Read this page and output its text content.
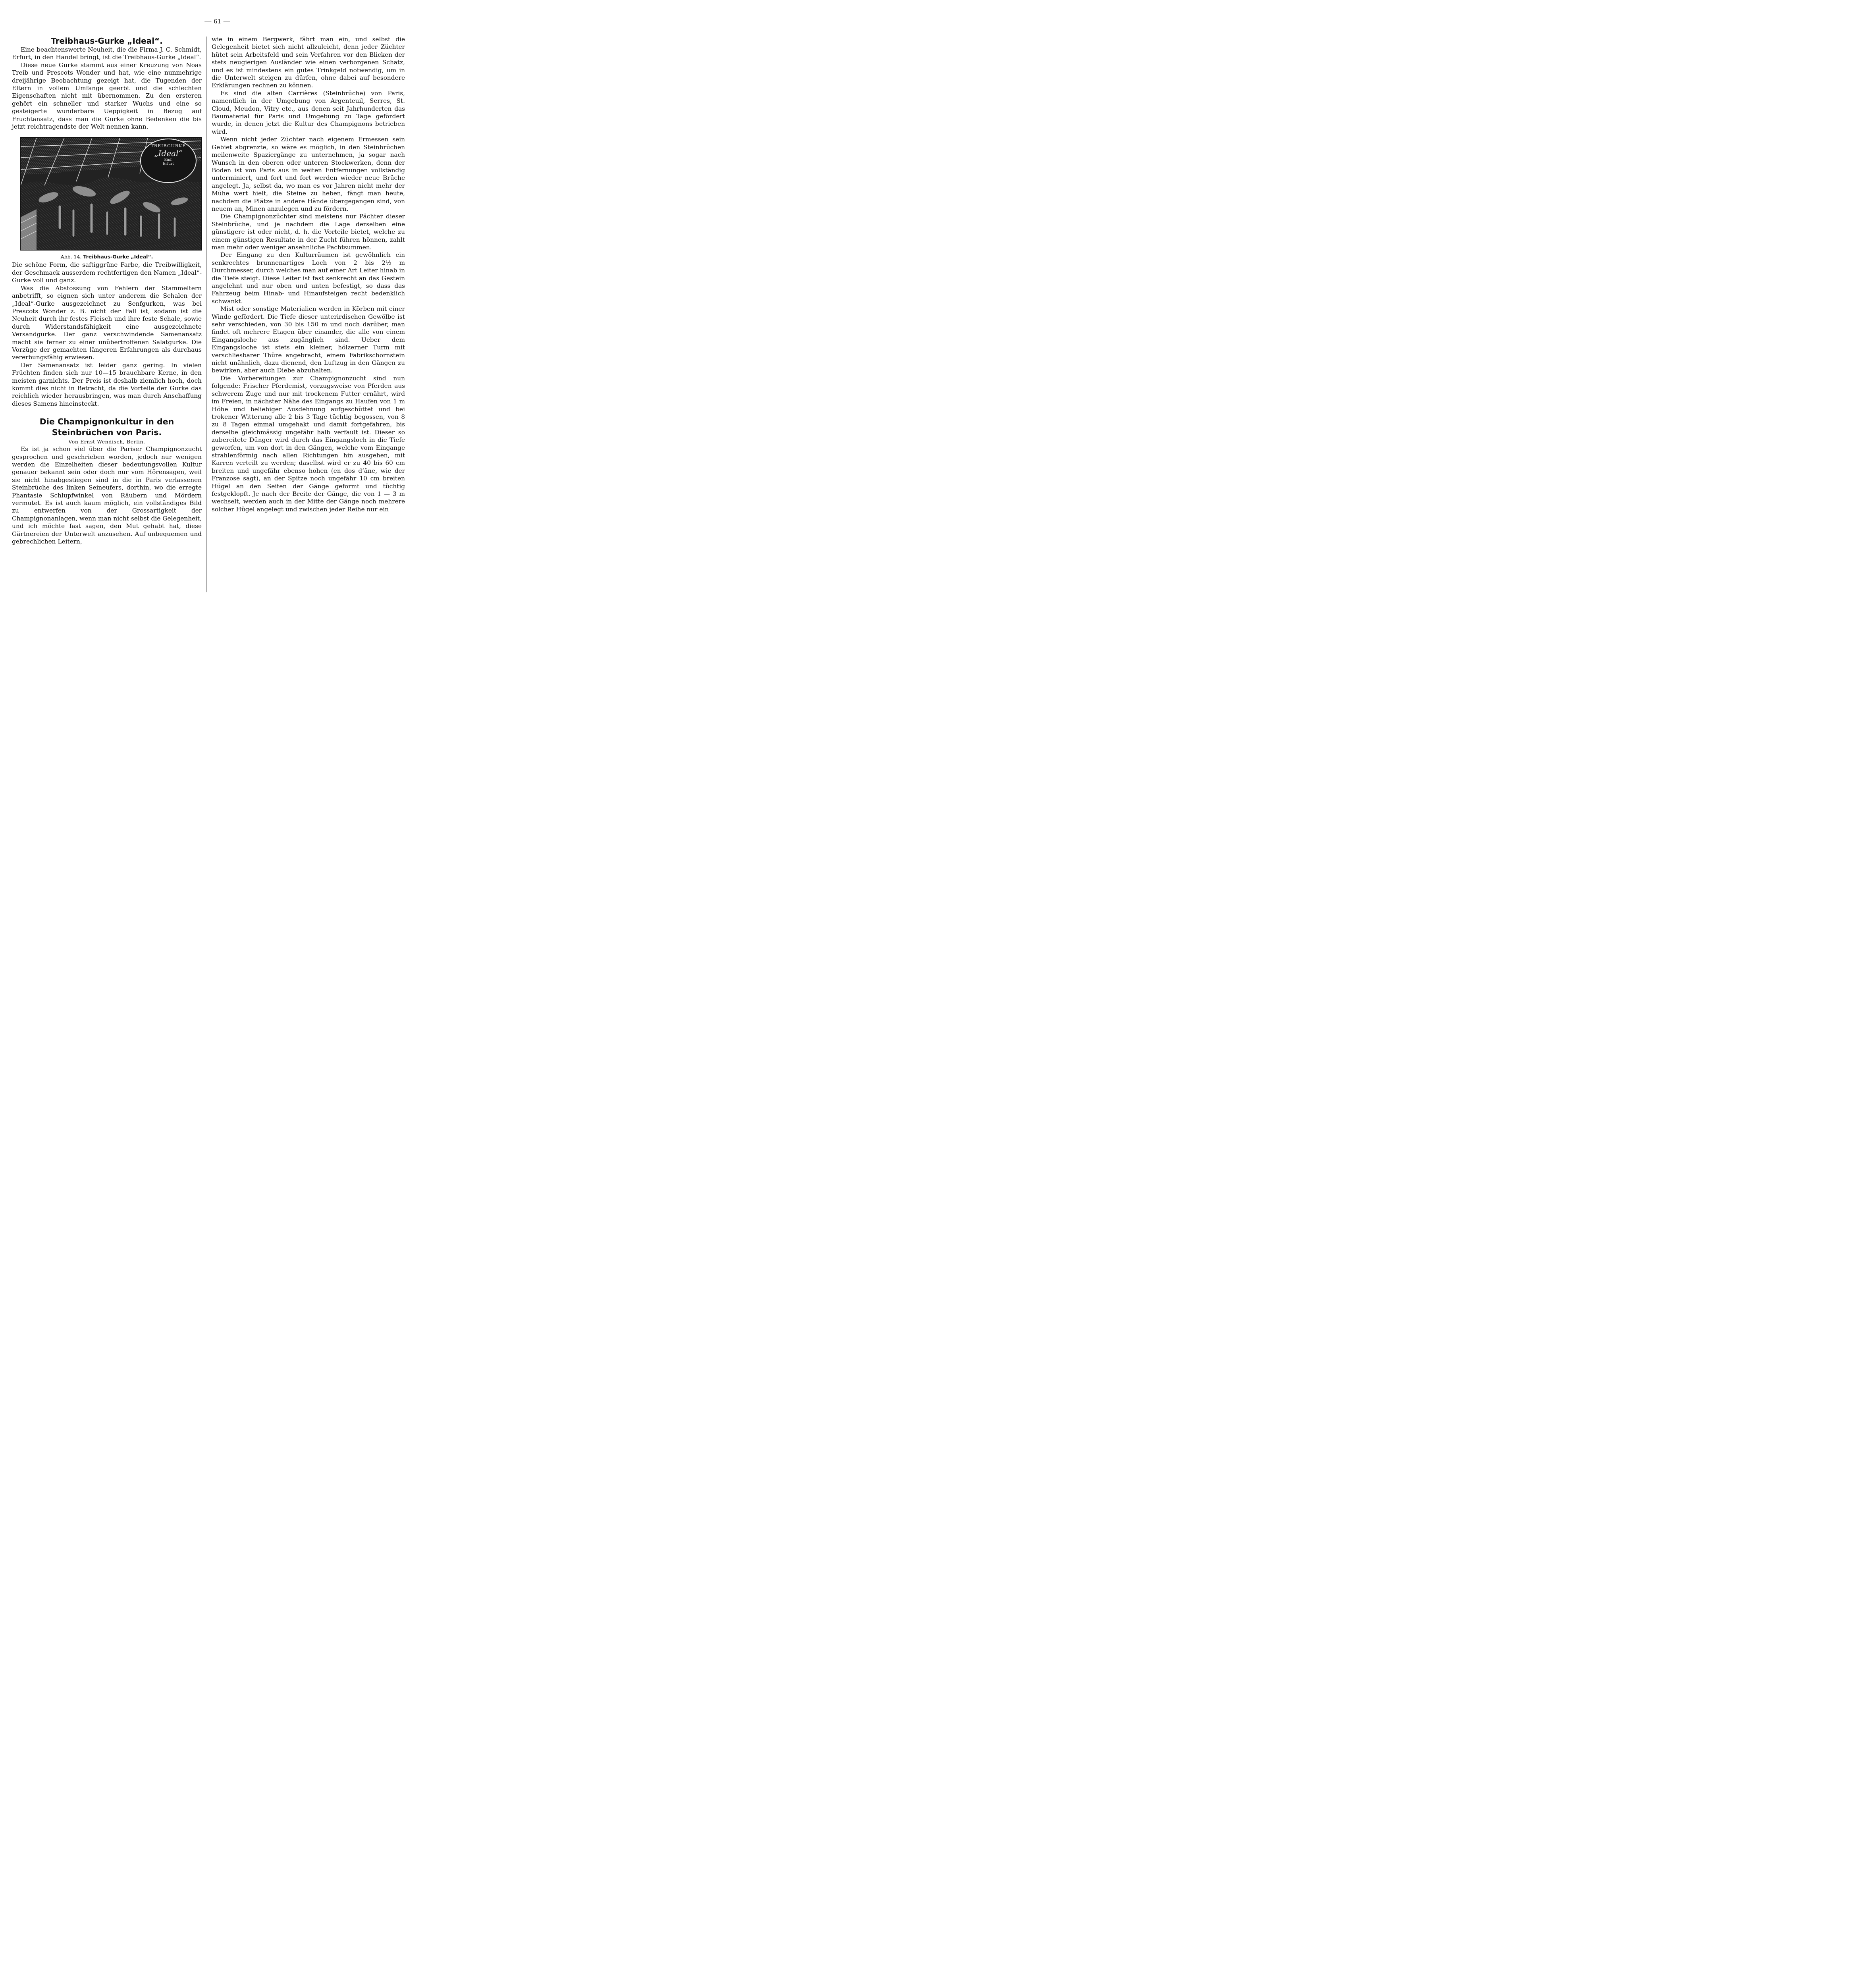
— 61 —
Treibhaus-Gurke „Ideal“.

Eine beachtenswerte Neuheit, die die Firma J. C. Schmidt, Erfurt, in den Handel bringt, ist die Treibhaus-Gurke „Ideal“.

Diese neue Gurke stammt aus einer Kreuzung von Noas Treib und Prescots Wonder und hat, wie eine nunmehrige dreijährige Beobachtung gezeigt hat, die Tugenden der Eltern in vollem Umfange geerbt und die schlechten Eigenschaften nicht mit übernommen. Zu den ersteren gehört ein schneller und starker Wuchs und eine so gesteigerte wunderbare Ueppigkeit in Bezug auf Fruchtansatz, dass man die Gurke ohne Bedenken die bis jetzt reichtragendste der Welt nennen kann.

TREIBGURKE
„Ideal“
Einf.
Erfurt
Abb. 14. Treibhaus-Gurke „Ideal“.

Die schöne Form, die saftiggrüne Farbe, die Treibwilligkeit, der Geschmack ausserdem rechtfertigen den Namen „Ideal“-Gurke voll und ganz.

Was die Abstossung von Fehlern der Stammeltern anbetrifft, so eignen sich unter anderem die Schalen der „Ideal“-Gurke ausgezeichnet zu Senfgurken, was bei Prescots Wonder z. B. nicht der Fall ist, sodann ist die Neuheit durch ihr festes Fleisch und ihre feste Schale, sowie durch Widerstandsfähigkeit eine ausgezeichnete Versandgurke. Der ganz verschwindende Samenansatz macht sie ferner zu einer unübertroffenen Salatgurke. Die Vorzüge der gemachten längeren Erfahrungen als durchaus vererbungsfähig erwiesen.

Der Samenansatz ist leider ganz gering. In vielen Früchten finden sich nur 10—15 brauchbare Kerne, in den meisten garnichts. Der Preis ist deshalb ziemlich hoch, doch kommt dies nicht in Betracht, da die Vorteile der Gurke das reichlich wieder herausbringen, was man durch Anschaffung dieses Samens hineinsteckt.

Die Champignonkultur in den Steinbrüchen von Paris.
Von Ernst Wendisch, Berlin.

Es ist ja schon viel über die Pariser Champignonzucht gesprochen und geschrieben worden, jedoch nur wenigen werden die Einzelheiten dieser bedeutungsvollen Kultur genauer bekannt sein oder doch nur vom Hörensagen, weil sie nicht hinabgestiegen sind in die in Paris verlassenen Steinbrüche des linken Seineufers, dorthin, wo die erregte Phantasie Schlupfwinkel von Räubern und Mördern vermutet. Es ist auch kaum möglich, ein vollständiges Bild zu entwerfen von der Grossartigkeit der Champignonanlagen, wenn man nicht selbst die Gelegenheit, und ich möchte fast sagen, den Mut gehabt hat, diese Gärtnereien der Unterwelt anzusehen. Auf unbequemen und gebrechlichen Leitern,

wie in einem Bergwerk, fährt man ein, und selbst die Gelegenheit bietet sich nicht allzuleicht, denn jeder Züchter hütet sein Arbeitsfeld und sein Verfahren vor den Blicken der stets neugierigen Ausländer wie einen verborgenen Schatz, und es ist mindestens ein gutes Trinkgeld notwendig, um in die Unterwelt steigen zu dürfen, ohne dabei auf besondere Erklärungen rechnen zu können.

Es sind die alten Carrières (Steinbrüche) von Paris, namentlich in der Umgebung von Argenteuil, Serres, St. Cloud, Meudon, Vitry etc., aus denen seit Jahrhunderten das Baumaterial für Paris und Umgebung zu Tage gefördert wurde, in denen jetzt die Kultur des Champignons betrieben wird.

Wenn nicht jeder Züchter nach eigenem Ermessen sein Gebiet abgrenzte, so wäre es möglich, in den Steinbrüchen meilenweite Spaziergänge zu unternehmen, ja sogar nach Wunsch in den oberen oder unteren Stockwerken, denn der Boden ist von Paris aus in weiten Entfernungen vollständig unterminiert, und fort und fort werden wieder neue Brüche angelegt. Ja, selbst da, wo man es vor Jahren nicht mehr der Mühe wert hielt, die Steine zu heben, fängt man heute, nachdem die Plätze in andere Hände übergegangen sind, von neuem an, Minen anzulegen und zu fördern.

Die Champignonzüchter sind meistens nur Pächter dieser Steinbrüche, und je nachdem die Lage derselben eine günstigere ist oder nicht, d. h. die Vorteile bietet, welche zu einem günstigen Resultate in der Zucht führen hönnen, zahlt man mehr oder weniger ansehnliche Pachtsummen.

Der Eingang zu den Kulturräumen ist gewöhnlich ein senkrechtes brunnenartiges Loch von 2 bis 2½ m Durchmesser, durch welches man auf einer Art Leiter hinab in die Tiefe steigt. Diese Leiter ist fast senkrecht an das Gestein angelehnt und nur oben und unten befestigt, so dass das Fahrzeug beim Hinab- und Hinaufsteigen recht bedenklich schwankt.

Mist oder sonstige Materialien werden in Körben mit einer Winde gefördert. Die Tiefe dieser unterirdischen Gewölbe ist sehr verschieden, von 30 bis 150 m und noch darüber, man findet oft mehrere Etagen über einander, die alle von einem Eingangsloche aus zugänglich sind. Ueber dem Eingangsloche ist stets ein kleiner, hölzerner Turm mit verschliesbarer Thüre angebracht, einem Fabrikschornstein nicht unähnlich, dazu dienend, den Luftzug in den Gängen zu bewirken, aber auch Diebe abzuhalten.

Die Vorbereitungen zur Champignonzucht sind nun folgende: Frischer Pferdemist, vorzugsweise von Pferden aus schwerem Zuge und nur mit trockenem Futter ernährt, wird im Freien, in nächster Nähe des Eingangs zu Haufen von 1 m Höhe und beliebiger Ausdehnung aufgeschüttet und bei trokener Witterung alle 2 bis 3 Tage tüchtig begossen, von 8 zu 8 Tagen einmal umgehakt und damit fortgefahren, bis derselbe gleichmässig ungefähr halb verfault ist. Dieser so zubereitete Dünger wird durch das Eingangsloch in die Tiefe geworfen, um von dort in den Gängen, welche vom Eingange strahlenförmig nach allen Richtungen hin ausgehen, mit Karren verteilt zu werden; daselbst wird er zu 40 bis 60 cm breiten und ungefähr ebenso hohen (en dos d’âne, wie der Franzose sagt), an der Spitze noch ungefähr 10 cm breiten Hügel an den Seiten der Gänge geformt und tüchtig festgeklopft. Je nach der Breite der Gänge, die von 1 — 3 m wechselt, werden auch in der Mitte der Gänge noch mehrere solcher Hügel angelegt und zwischen jeder Reihe nur ein
